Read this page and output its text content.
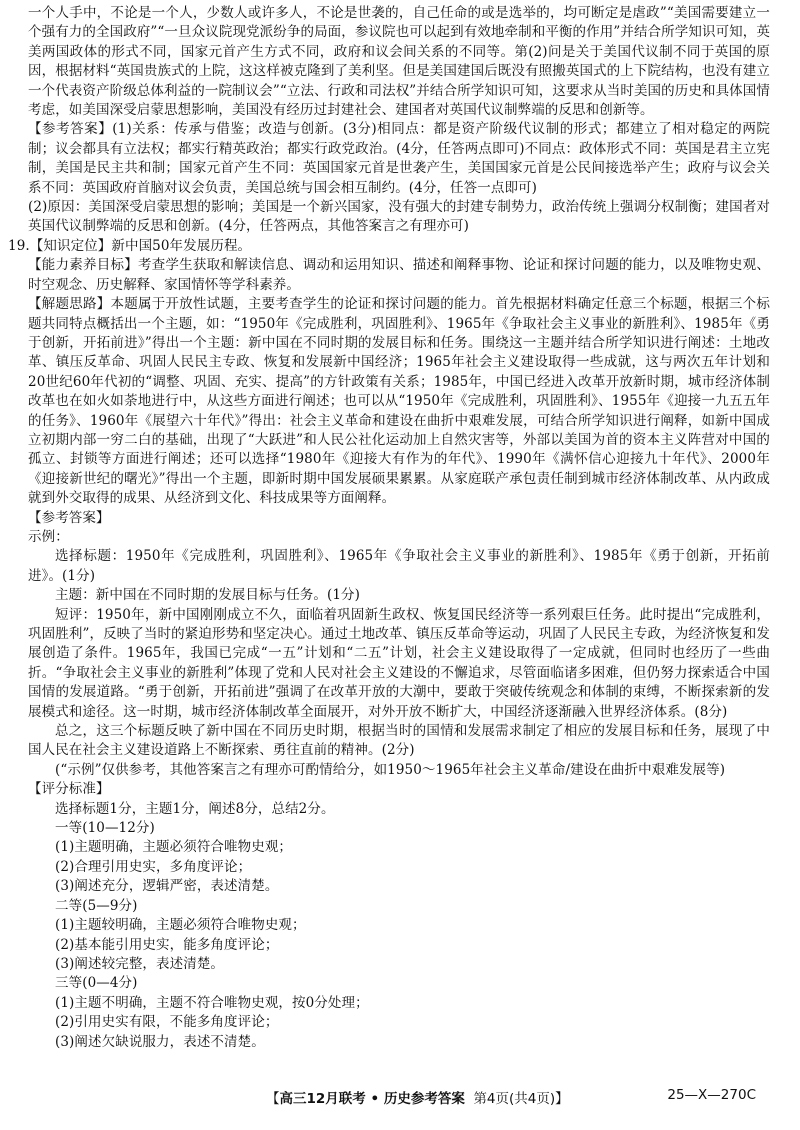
一个人手中，不论是一个人，少数人或许多人，不论是世袭的，自己任命的或是选举的，均可断定是虐政”“美国需要建立一个强有力的全国政府”“一旦众议院现党派纷争的局面，参议院也可以起到有效地牵制和平衡的作用”并结合所学知识可知，英美两国政体的形式不同，国家元首产生方式不同，政府和议会间关系的不同等。第(2)问是关于美国代议制不同于英国的原因，根据材料“英国贵族式的上院，这这样被克隆到了美利坚。但是美国建国后既没有照搬英国式的上下院结构，也没有建立一个代表资产阶级总体利益的一院制议会”“立法、行政和司法权”并结合所学知识可知，这要求从当时美国的历史和具体国情考虑，如美国深受启蒙思想影响，美国没有经历过封建社会、建国者对英国代议制弊端的反思和创新等。

【参考答案】(1)关系：传承与借鉴；改造与创新。(3分)相同点：都是资产阶级代议制的形式；都建立了相对稳定的两院制；议会都具有立法权；都实行精英政治；都实行政党政治。(4分，任答两点即可)不同点：政体形式不同：英国是君主立宪制，美国是民主共和制；国家元首产生不同：英国国家元首是世袭产生，美国国家元首是公民间接选举产生；政府与议会关系不同：英国政府首脑对议会负责，美国总统与国会相互制约。(4分，任答一点即可)

(2)原因：美国深受启蒙思想的影响；美国是一个新兴国家，没有强大的封建专制势力，政治传统上强调分权制衡；建国者对英国代议制弊端的反思和创新。(4分，任答两点，其他答案言之有理亦可)

19.【知识定位】新中国50年发展历程。

【能力素养目标】考查学生获取和解读信息、调动和运用知识、描述和阐释事物、论证和探讨问题的能力，以及唯物史观、时空观念、历史解释、家国情怀等学科素养。

【解题思路】本题属于开放性试题，主要考查学生的论证和探讨问题的能力。首先根据材料确定任意三个标题，根据三个标题共同特点概括出一个主题，如：“1950年《完成胜利，巩固胜利》、1965年《争取社会主义事业的新胜利》、1985年《勇于创新，开拓前进》”得出一个主题：新中国在不同时期的发展目标和任务。围绕这一主题并结合所学知识进行阐述：土地改革、镇压反革命、巩固人民民主专政、恢复和发展新中国经济；1965年社会主义建设取得一些成就，这与两次五年计划和20世纪60年代初的“调整、巩固、充实、提高”的方针政策有关系；1985年，中国已经进入改革开放新时期，城市经济体制改革也在如火如荼地进行中，从这些方面进行阐述；也可以从“1950年《完成胜利，巩固胜利》、1955年《迎接一九五五年的任务》、1960年《展望六十年代》”得出：社会主义革命和建设在曲折中艰难发展，可结合所学知识进行阐释，如新中国成立初期内部一穷二白的基础，出现了“大跃进”和人民公社化运动加上自然灾害等，外部以美国为首的资本主义阵营对中国的孤立、封锁等方面进行阐述；还可以选择“1980年《迎接大有作为的年代》、1990年《满怀信心迎接九十年代》、2000年《迎接新世纪的曙光》”得出一个主题，即新时期中国发展硕果累累。从家庭联产承包责任制到城市经济体制改革、从内政成就到外交取得的成果、从经济到文化、科技成果等方面阐释。

【参考答案】

示例：

选择标题：1950年《完成胜利，巩固胜利》、1965年《争取社会主义事业的新胜利》、1985年《勇于创新，开拓前进》。(1分)

主题：新中国在不同时期的发展目标与任务。(1分)

短评：1950年，新中国刚刚成立不久，面临着巩固新生政权、恢复国民经济等一系列艰巨任务。此时提出“完成胜利，巩固胜利”，反映了当时的紧迫形势和坚定决心。通过土地改革、镇压反革命等运动，巩固了人民民主专政，为经济恢复和发展创造了条件。1965年，我国已完成“一五”计划和“二五”计划，社会主义建设取得了一定成就，但同时也经历了一些曲折。“争取社会主义事业的新胜利”体现了党和人民对社会主义建设的不懈追求，尽管面临诸多困难，但仍努力探索适合中国国情的发展道路。“勇于创新，开拓前进”强调了在改革开放的大潮中，要敢于突破传统观念和体制的束缚，不断探索新的发展模式和途径。这一时期，城市经济体制改革全面展开，对外开放不断扩大，中国经济逐渐融入世界经济体系。(8分)

总之，这三个标题反映了新中国在不同历史时期，根据当时的国情和发展需求制定了相应的发展目标和任务，展现了中国人民在社会主义建设道路上不断探索、勇往直前的精神。(2分)

(“示例”仅供参考，其他答案言之有理亦可酌情给分，如1950～1965年社会主义革命/建设在曲折中艰难发展等)

【评分标准】

选择标题1分，主题1分，阐述8分，总结2分。

一等(10—12分)

(1)主题明确，主题必须符合唯物史观；

(2)合理引用史实，多角度评论；

(3)阐述充分，逻辑严密，表述清楚。

二等(5—9分)

(1)主题较明确，主题必须符合唯物史观；

(2)基本能引用史实，能多角度评论；

(3)阐述较完整，表述清楚。

三等(0—4分)

(1)主题不明确，主题不符合唯物史观，按0分处理；

(2)引用史实有限，不能多角度评论；

(3)阐述欠缺说服力，表述不清楚。

【高三12月联考 • 历史参考答案 第4页(共4页)】	25—X—270C
